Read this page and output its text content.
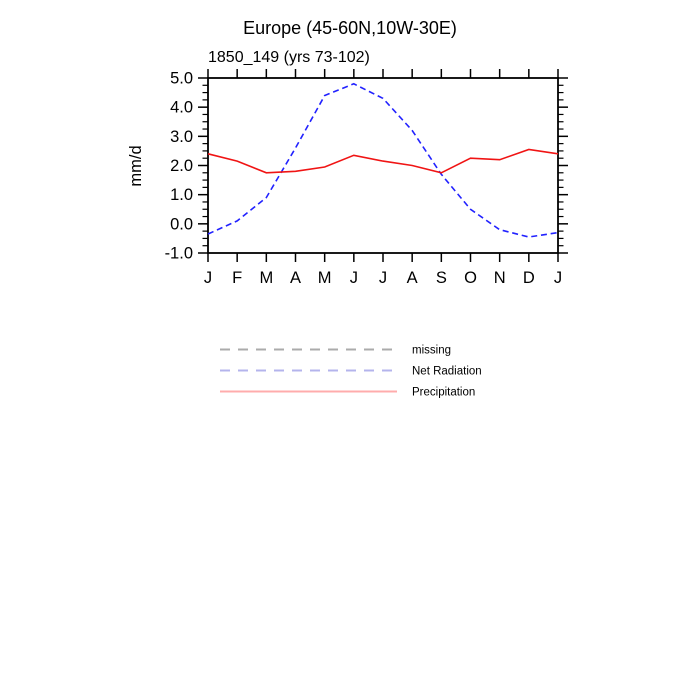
Europe (45-60N,10W-30E)
1850_149 (yrs 73-102)
mm/d
5.0
4.0
3.0
2.0
1.0
0.0
-1.0
J F M A M J J A S O N D J
missing
Net Radiation
Precipitation
